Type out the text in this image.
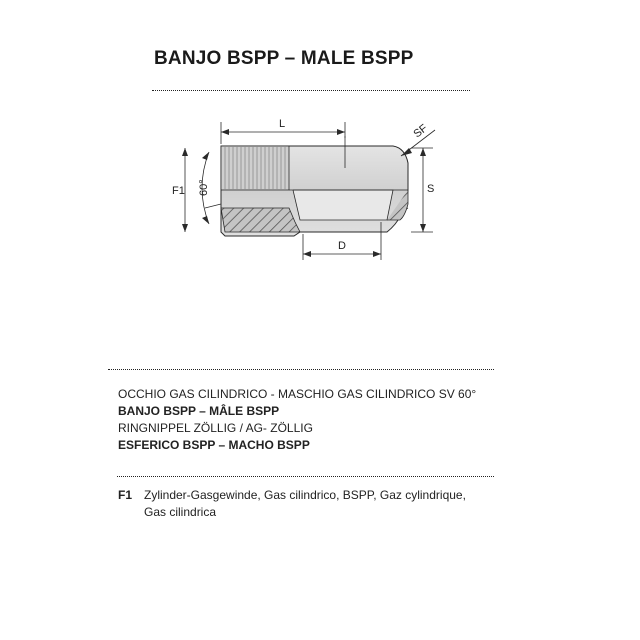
BANJO BSPP – MALE BSPP
L	SF
S
F1 60°
D
OCCHIO GAS CILINDRICO - MASCHIO GAS CILINDRICO SV 60°
BANJO BSPP – MÂLE BSPP
RINGNIPPEL ZÖLLIG / AG- ZÖLLIG
ESFERICO BSPP – MACHO BSPP
F1 Zylinder-Gasgewinde, Gas cilindrico, BSPP, Gaz cylindrique, Gas cilindrica
